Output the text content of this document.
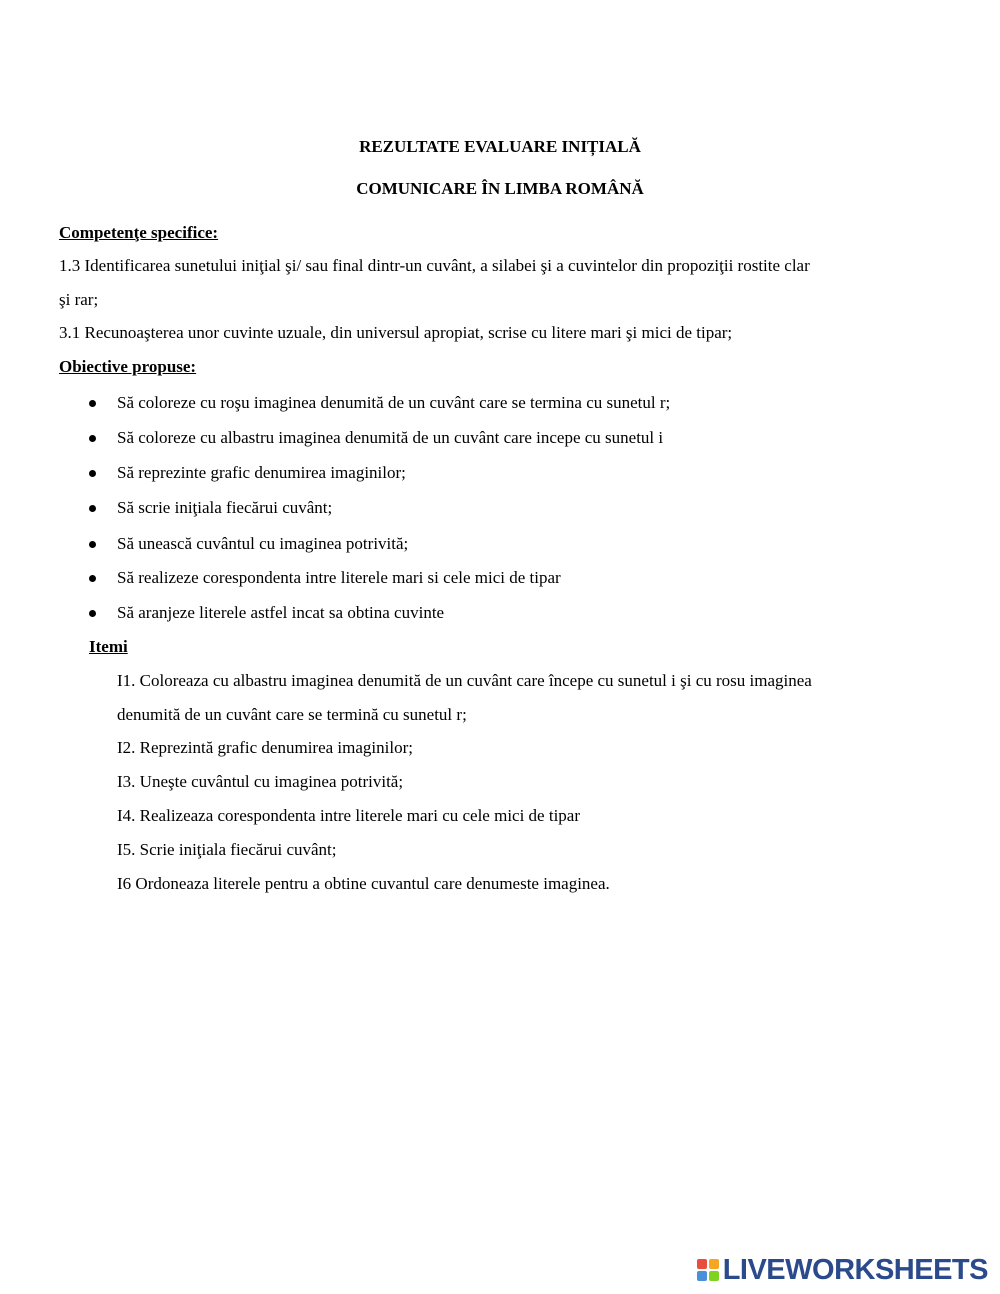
REZULTATE EVALUARE INIȚIALĂ
COMUNICARE ÎN LIMBA ROMÂNĂ
Competenţe specifice:
1.3 Identificarea sunetului iniţial şi/ sau final dintr-un cuvânt, a silabei şi a cuvintelor din propoziţii rostite clar
şi rar;
3.1 Recunoaşterea unor cuvinte uzuale, din universul apropiat, scrise cu litere mari şi mici de tipar;
Obiective propuse:
Să coloreze cu roşu imaginea denumită de un cuvânt care se termina cu sunetul r;
Să coloreze cu albastru imaginea denumită de un cuvânt care incepe cu sunetul i
Să reprezinte grafic denumirea imaginilor;
Să scrie iniţiala fiecărui cuvânt;
Să unească cuvântul cu imaginea potrivită;
Să realizeze corespondenta intre literele mari si cele mici de tipar
Să aranjeze literele astfel incat sa obtina cuvinte
Itemi
I1. Coloreaza cu albastru imaginea denumită de un cuvânt care începe cu sunetul i şi cu rosu imaginea
denumită de un cuvânt care se termină cu sunetul r;
I2. Reprezintă grafic denumirea imaginilor;
I3. Uneşte cuvântul cu imaginea potrivită;
I4. Realizeaza corespondenta intre literele mari cu cele mici de tipar
I5. Scrie iniţiala fiecărui cuvânt;
I6 Ordoneaza literele pentru a obtine cuvantul care denumeste imaginea.
LIVEWORKSHEETS
